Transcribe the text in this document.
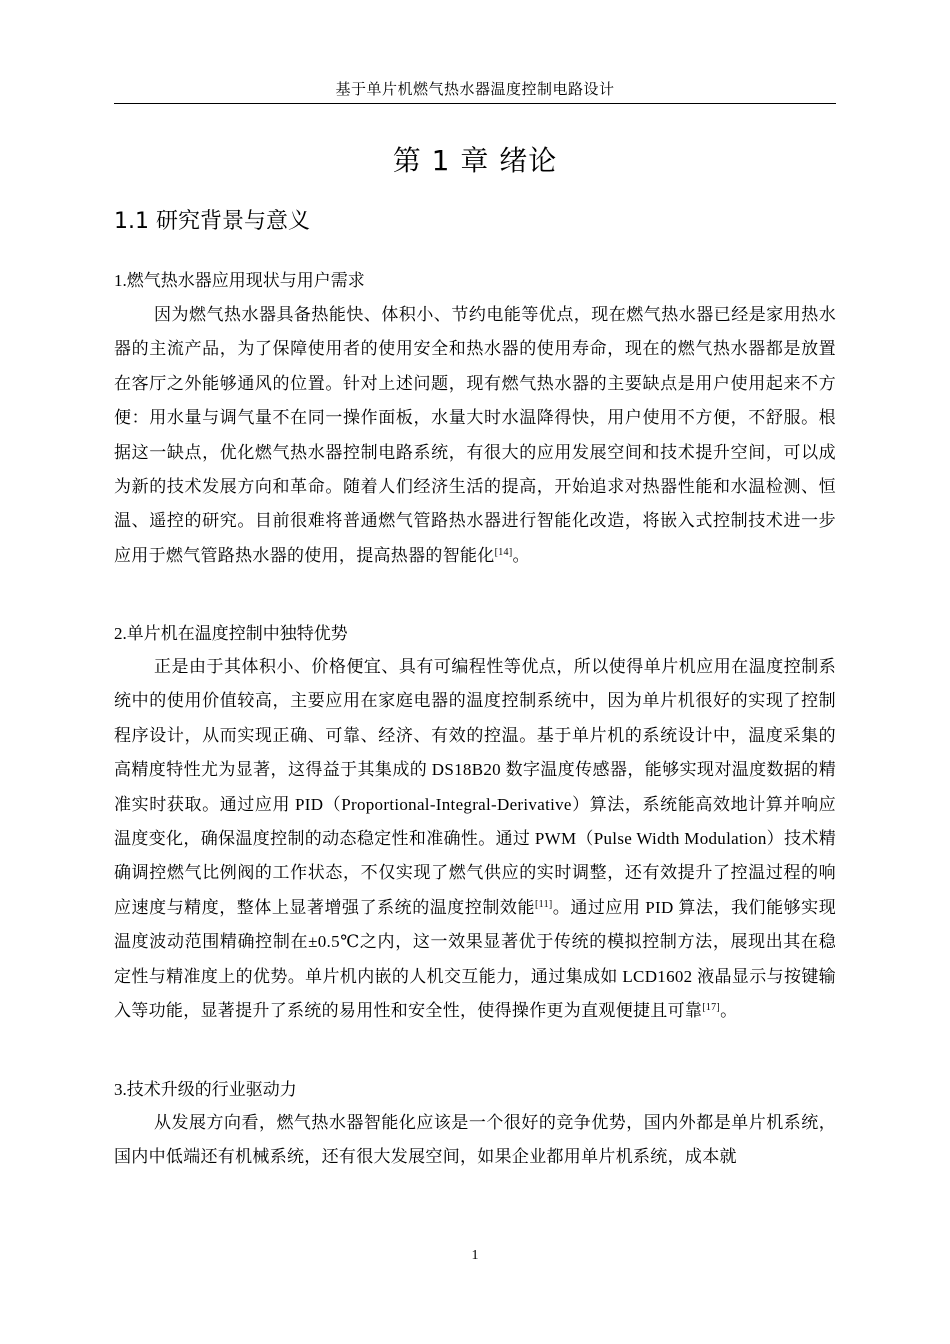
基于单片机燃气热水器温度控制电路设计
第 1 章 绪论
1.1 研究背景与意义
1.燃气热水器应用现状与用户需求

因为燃气热水器具备热能快、体积小、节约电能等优点，现在燃气热水器已经是家用热水器的主流产品，为了保障使用者的使用安全和热水器的使用寿命，现在的燃气热水器都是放置在客厅之外能够通风的位置。针对上述问题，现有燃气热水器的主要缺点是用户使用起来不方便：用水量与调气量不在同一操作面板，水量大时水温降得快，用户使用不方便，不舒服。根据这一缺点，优化燃气热水器控制电路系统，有很大的应用发展空间和技术提升空间，可以成为新的技术发展方向和革命。随着人们经济生活的提高，开始追求对热器性能和水温检测、恒温、遥控的研究。目前很难将普通燃气管路热水器进行智能化改造，将嵌入式控制技术进一步应用于燃气管路热水器的使用，提高热器的智能化[14]。

2.单片机在温度控制中独特优势

正是由于其体积小、价格便宜、具有可编程性等优点，所以使得单片机应用在温度控制系统中的使用价值较高，主要应用在家庭电器的温度控制系统中，因为单片机很好的实现了控制程序设计，从而实现正确、可靠、经济、有效的控温。基于单片机的系统设计中，温度采集的高精度特性尤为显著，这得益于其集成的 DS18B20 数字温度传感器，能够实现对温度数据的精准实时获取。通过应用 PID（Proportional-Integral-Derivative）算法，系统能高效地计算并响应温度变化，确保温度控制的动态稳定性和准确性。通过 PWM（Pulse Width Modulation）技术精确调控燃气比例阀的工作状态，不仅实现了燃气供应的实时调整，还有效提升了控温过程的响应速度与精度，整体上显著增强了系统的温度控制效能[11]。通过应用 PID 算法，我们能够实现温度波动范围精确控制在±0.5℃之内，这一效果显著优于传统的模拟控制方法，展现出其在稳定性与精准度上的优势。单片机内嵌的人机交互能力，通过集成如 LCD1602 液晶显示与按键输入等功能，显著提升了系统的易用性和安全性，使得操作更为直观便捷且可靠[17]。

3.技术升级的行业驱动力

从发展方向看，燃气热水器智能化应该是一个很好的竞争优势，国内外都是单片机系统，国内中低端还有机械系统，还有很大发展空间，如果企业都用单片机系统，成本就

1
